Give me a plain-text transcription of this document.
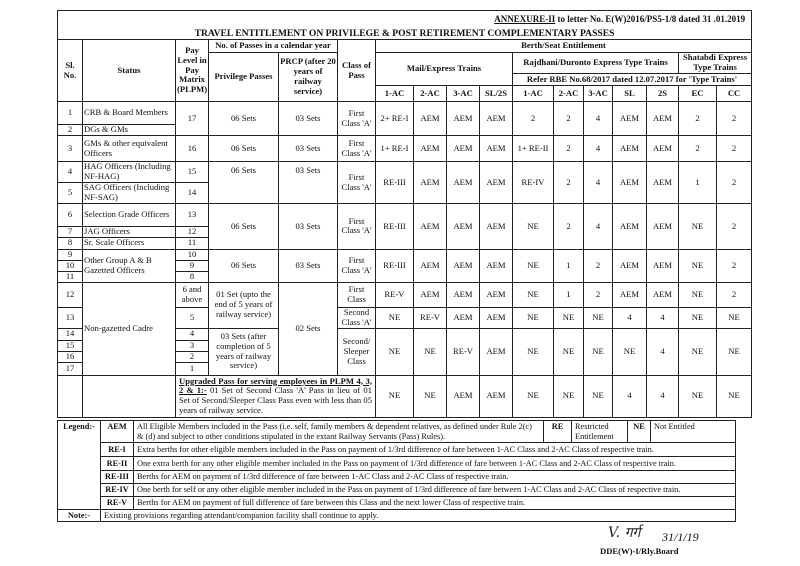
ANNEXURE-II to letter No. E(W)2016/PS5-1/8 dated 31 .01.2019
TRAVEL ENTITLEMENT ON PRIVILEGE & POST RETIREMENT COMPLEMENTARY PASSES																

Sl. No.	Status	Pay Level in Pay Matrix (PLPM)	No. of Passes in a calendar year		Class of Pass	Berth/Seat Entitlement										
			Privilege Passes	PRCP (after 20 years of railway service)		Mail/Express Trains				Rajdhani/Duronto Express Type Trains					Shatabdi Express Type Trains	
										Refer RBE No.68/2017 dated 12.07.2017 for 'Type Trains'						
						1-AC	2-AC	3-AC	SL/2S	1-AC	2-AC	3-AC	SL	2S	EC	CC
1	CRB & Board Members	17	06 Sets	03 Sets	First Class 'A'	2+ RE-I	AEM	AEM	AEM	2	2	4	AEM	AEM	2	2
2	DGs & GMs															
3	GMs & other equivalent Officers	16	06 Sets	03 Sets	First Class 'A'	1+ RE-I	AEM	AEM	AEM	1+ RE-II	2	4	AEM	AEM	2	2
4	HAG Officers (Including NF-HAG)	15	06 Sets	03 Sets	First Class 'A'	RE-III	AEM	AEM	AEM	RE-IV	2	4	AEM	AEM	1	2
5	SAG Officers (Including NF-SAG)	14														
6	Selection Grade Officers	13	06 Sets	03 Sets	First Class 'A'	RE-III	AEM	AEM	AEM	NE	2	4	AEM	AEM	NE	2
7	JAG Officers	12														
8	Sr. Scale Officers	11														
9	Other Group A & B Gazetted Officers	10	06 Sets	03 Sets	First Class 'A'	RE-III	AEM	AEM	AEM	NE	1	2	AEM	AEM	NE	2
10		9														
11		8														
12	Non-gazetted Cadre	6 and above	01 Set (upto the end of 5 years of railway service)	02 Sets	First Class	RE-V	AEM	AEM	AEM	NE	1	2	AEM	AEM	NE	2
13		5			Second Class 'A'	NE	RE-V	AEM	AEM	NE	NE	NE	4	4	NE	NE
14		4	03 Sets (after completion of 5 years of railway service)		Second/ Sleeper Class	NE	NE	RE-V	AEM	NE	NE	NE	NE	4	NE	NE
15		3														
16		2														
17		1														
		Upgraded Pass for serving employees in PLPM 4, 3, 2 & 1:- 01 Set of Second Class 'A' Pass in lieu of 01 Set of Second/Sleeper Class Pass even with less than 05 years of railway service.				NE	NE	AEM	AEM	NE	NE	NE	4	4	NE	NE
Legend:-	AEM	All Eligible Members included in the Pass (i.e. self, family members & dependent relatives, as defined under Rule 2(c) & (d) and subject to other conditions stipulated in the extant Railway Servants (Pass) Rules).	RE	Restricted Entitlement	NE	Not Entitled
	RE-I	Extra berths for other eligible members included in the Pass on payment of 1/3rd difference of fare between 1-AC Class and 2-AC Class of respective train.				
	RE-II	One extra berth for any other eligible member included in the Pass on payment of 1/3rd difference of fare between 1-AC Class and 2-AC Class of respective train.				
	RE-III	Berths for AEM on payment of 1/3rd difference of fare between 1-AC Class and 2-AC Class of respective train.				
	RE-IV	One berth for self or any other eligible member included in the Pass on payment of 1/3rd difference of fare between 1-AC Class and 2-AC Class of respective train.				
	RE-V	Berths for AEM on payment of full difference of fare between this Class and the next lower Class of respective train.				
Note:-	Existing provisions regarding attendant/companion facility shall continue to apply.					
V. गर्ग 31/1/19
DDE(W)-I/Rly.Board
